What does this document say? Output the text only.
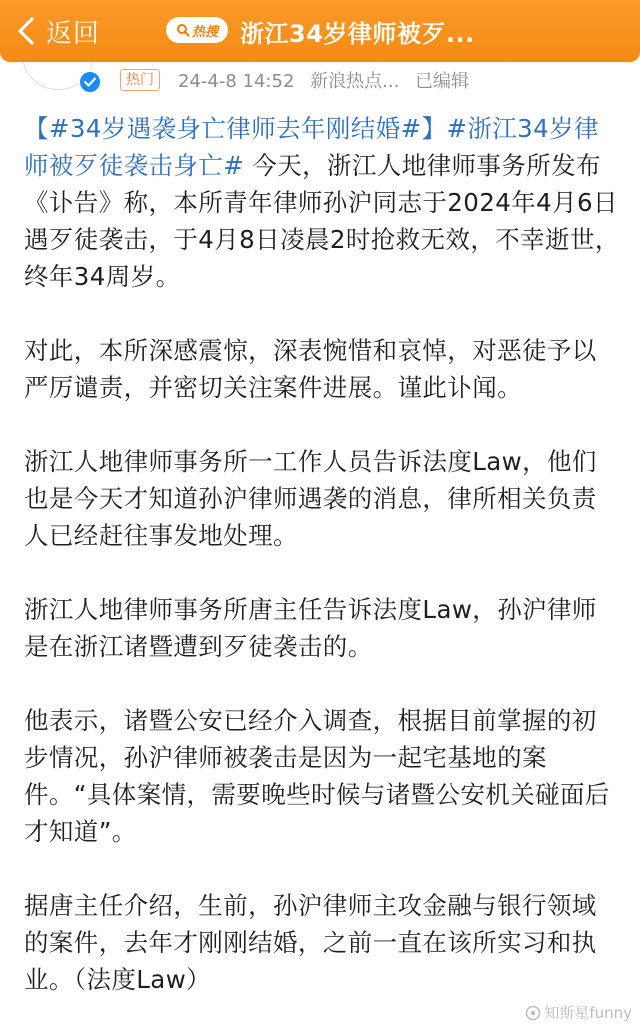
返回	热搜 浙江34岁律师被歹...
热门	24-4-8 14:52 新浪热点... 已编辑

【#34岁遇袭身亡律师去年刚结婚#】#浙江34岁律师被歹徒袭击身亡# 今天，浙江人地律师事务所发布《讣告》称，本所青年律师孙沪同志于2024年4月6日遇歹徒袭击，于4月8日凌晨2时抢救无效，不幸逝世，终年34周岁。

对此，本所深感震惊，深表惋惜和哀悼，对恶徒予以严厉谴责，并密切关注案件进展。谨此讣闻。

浙江人地律师事务所一工作人员告诉法度Law，他们也是今天才知道孙沪律师遇袭的消息，律所相关负责人已经赶往事发地处理。

浙江人地律师事务所唐主任告诉法度Law，孙沪律师是在浙江诸暨遭到歹徒袭击的。

他表示，诸暨公安已经介入调查，根据目前掌握的初步情况，孙沪律师被袭击是因为一起宅基地的案件。“具体案情，需要晚些时候与诸暨公安机关碰面后才知道”。

据唐主任介绍，生前，孙沪律师主攻金融与银行领域的案件，去年才刚刚结婚，之前一直在该所实习和执业。（法度Law）

知斯星funny
